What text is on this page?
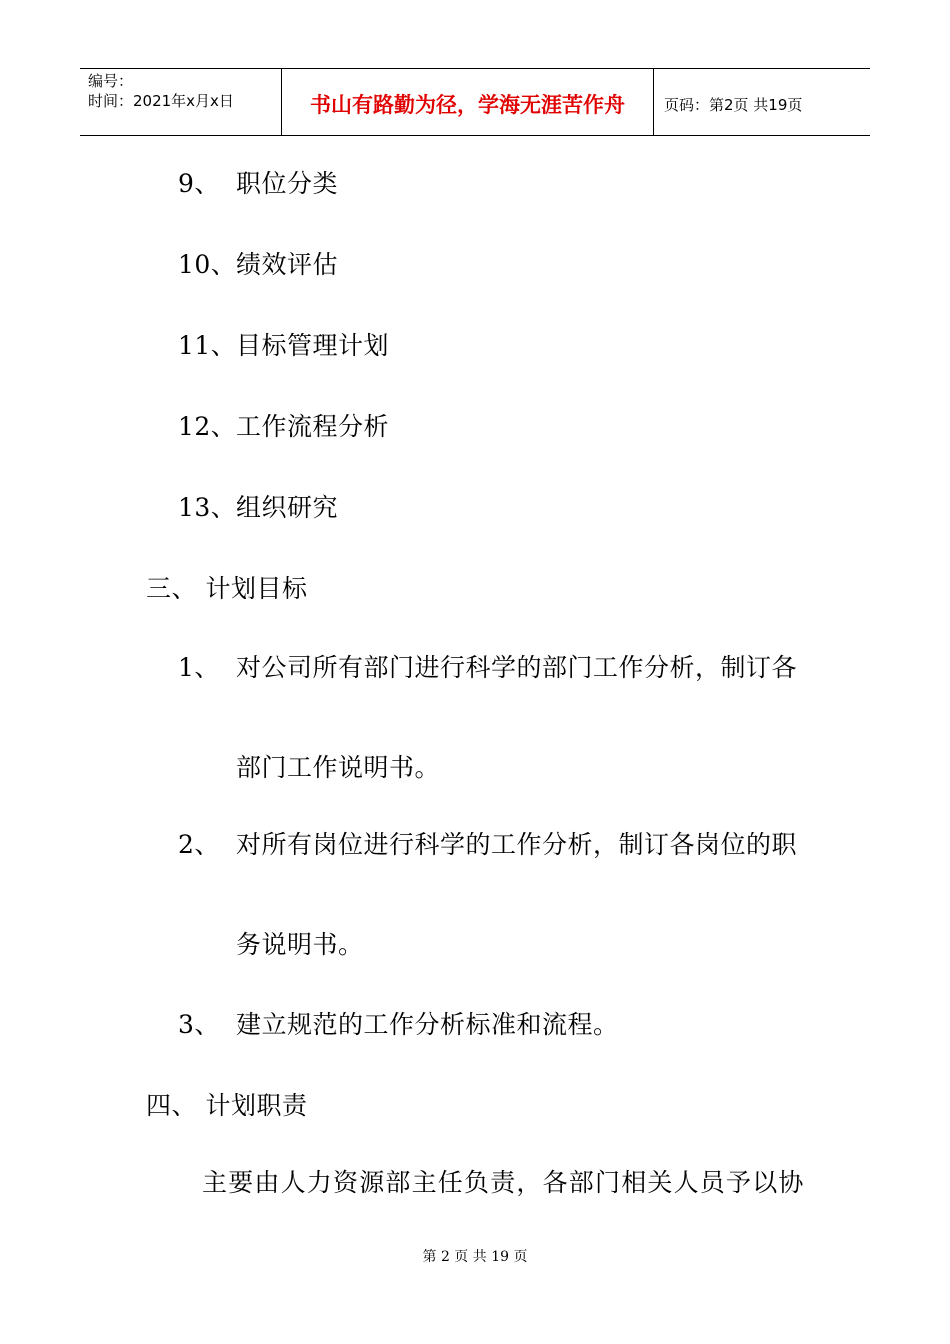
编号：
时间：2021年x月x日	书山有路勤为径，学海无涯苦作舟	页码：第2页 共19页
9、 职位分类
10、 绩效评估
11、 目标管理计划
12、 工作流程分析
13、 组织研究
三、 计划目标
1、 对公司所有部门进行科学的部门工作分析，制订各
部门工作说明书。
2、 对所有岗位进行科学的工作分析，制订各岗位的职
务说明书。
3、 建立规范的工作分析标准和流程。
四、 计划职责
主要由人力资源部主任负责，各部门相关人员予以协
第 2 页 共 19 页
